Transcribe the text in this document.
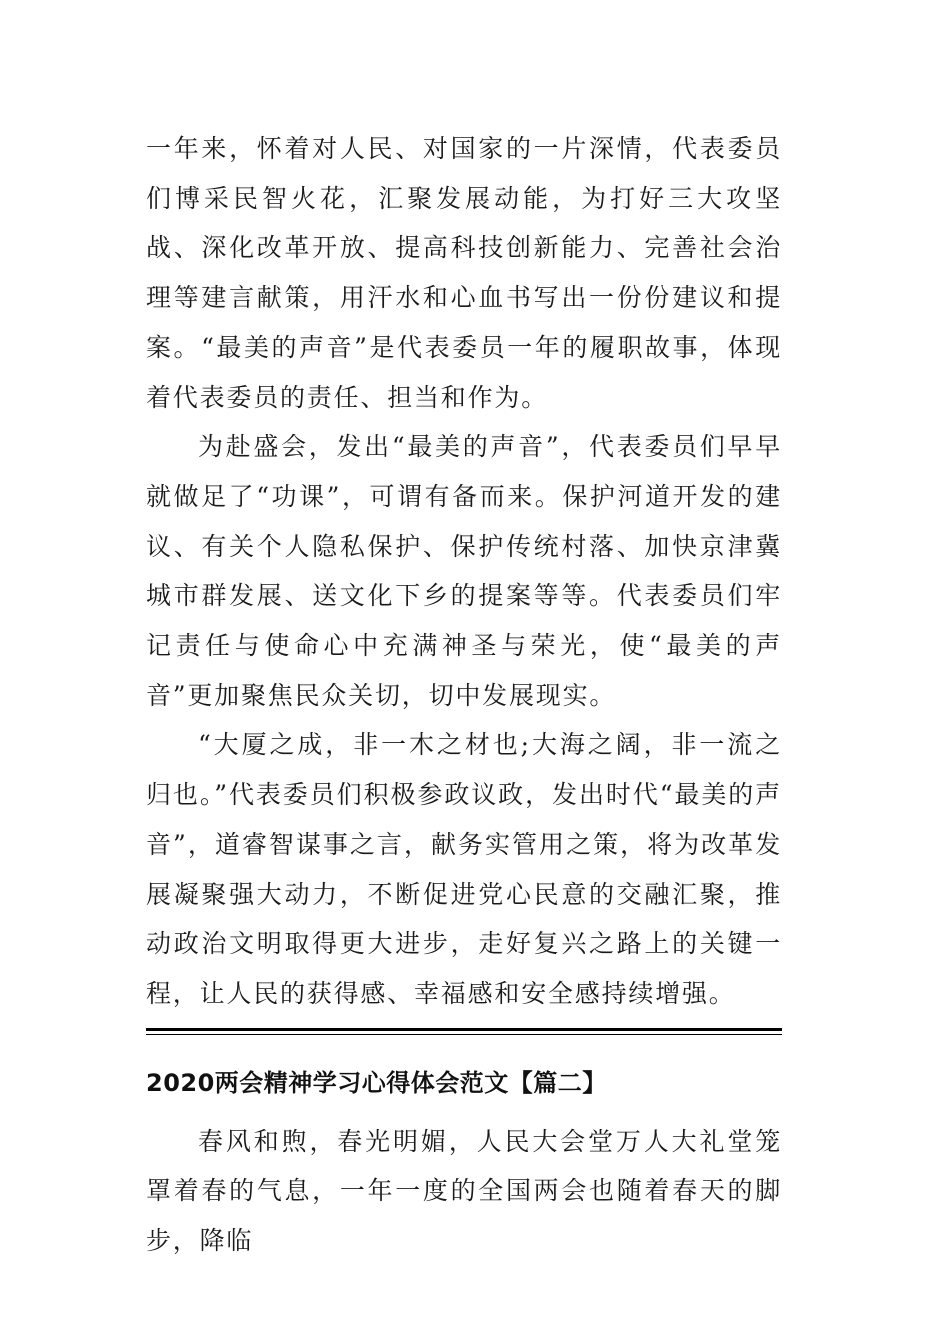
一年来，怀着对人民、对国家的一片深情，代表委员们博采民智火花，汇聚发展动能，为打好三大攻坚战、深化改革开放、提高科技创新能力、完善社会治理等建言献策，用汗水和心血书写出一份份建议和提案。“最美的声音”是代表委员一年的履职故事，体现着代表委员的责任、担当和作为。

为赴盛会，发出“最美的声音”，代表委员们早早就做足了“功课”，可谓有备而来。保护河道开发的建议、有关个人隐私保护、保护传统村落、加快京津冀城市群发展、送文化下乡的提案等等。代表委员们牢记责任与使命心中充满神圣与荣光，使“最美的声音”更加聚焦民众关切，切中发展现实。

“大厦之成，非一木之材也;大海之阔，非一流之归也。”代表委员们积极参政议政，发出时代“最美的声音”，道睿智谋事之言，献务实管用之策，将为改革发展凝聚强大动力，不断促进党心民意的交融汇聚，推动政治文明取得更大进步，走好复兴之路上的关键一程，让人民的获得感、幸福感和安全感持续增强。

2020两会精神学习心得体会范文【篇二】

春风和煦，春光明媚，人民大会堂万人大礼堂笼罩着春的气息，一年一度的全国两会也随着春天的脚步，降临
